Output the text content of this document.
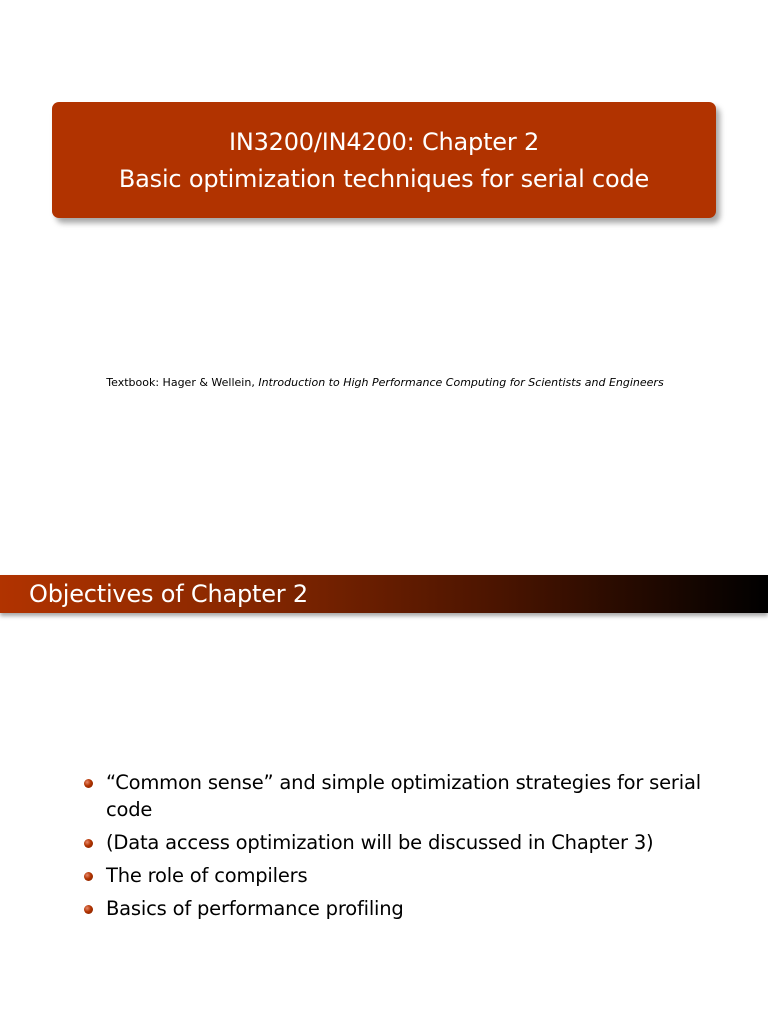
IN3200/IN4200: Chapter 2
Basic optimization techniques for serial code
Textbook: Hager & Wellein, Introduction to High Performance Computing for Scientists and Engineers
Objectives of Chapter 2
“Common sense” and simple optimization strategies for serial code
(Data access optimization will be discussed in Chapter 3)
The role of compilers
Basics of performance profiling
